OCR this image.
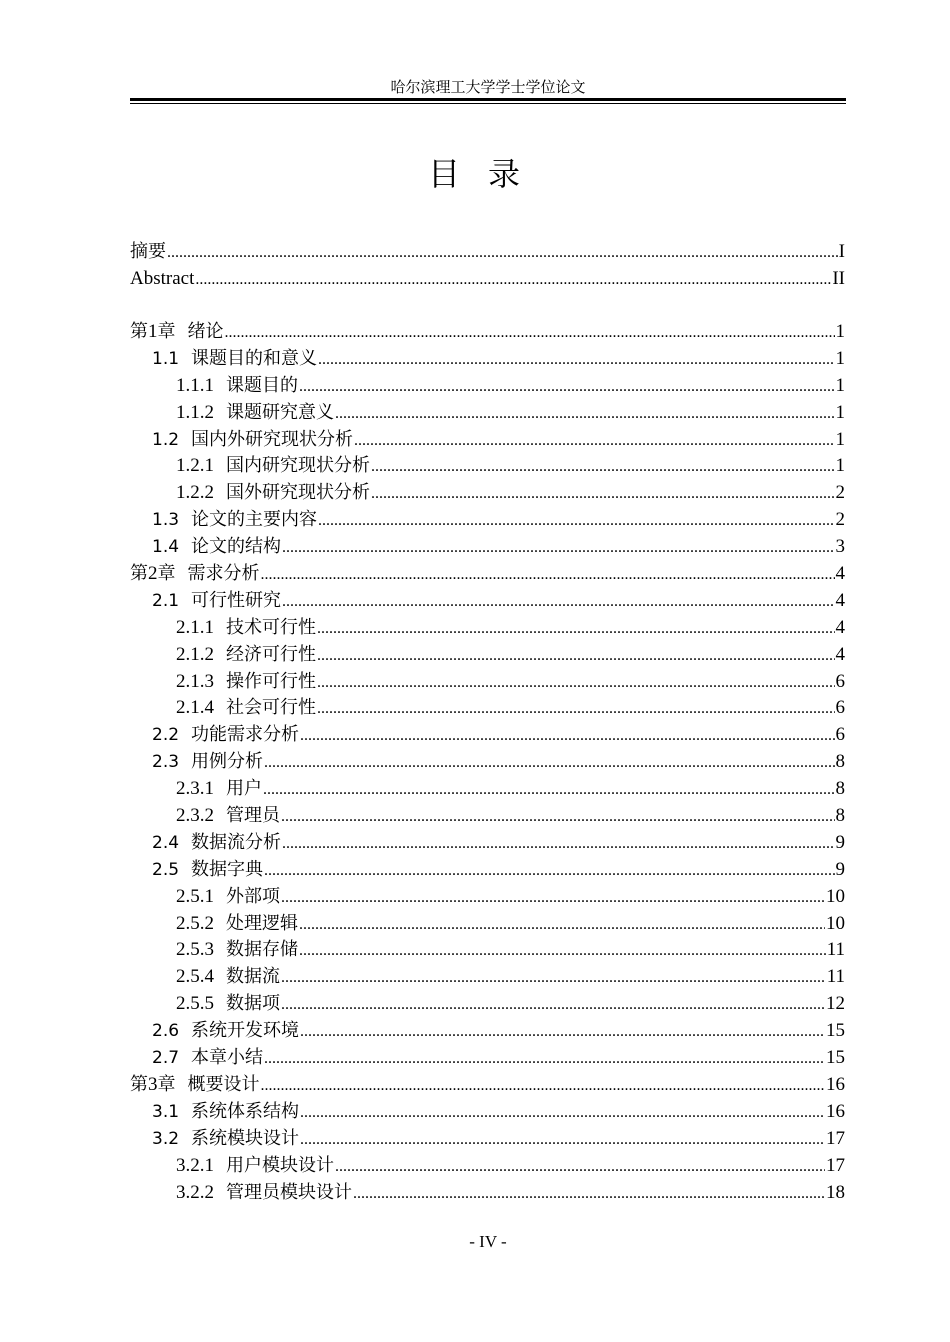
哈尔滨理工大学学士学位论文
目录
摘要 .....	I
Abstract .....	II
第1章 绪论 .....	1
1.1 课题目的和意义 .....	1
1.1.1 课题目的 .....	1
1.1.2 课题研究意义 .....	1
1.2 国内外研究现状分析 .....	1
1.2.1 国内研究现状分析 .....	1
1.2.2 国外研究现状分析 .....	2
1.3 论文的主要内容 .....	2
1.4 论文的结构 .....	3
第2章 需求分析 .....	4
2.1 可行性研究 .....	4
2.1.1 技术可行性 .....	4
2.1.2 经济可行性 .....	4
2.1.3 操作可行性 .....	6
2.1.4 社会可行性 .....	6
2.2 功能需求分析 .....	6
2.3 用例分析 .....	8
2.3.1 用户 .....	8
2.3.2 管理员 .....	8
2.4 数据流分析 .....	9
2.5 数据字典 .....	9
2.5.1 外部项 .....	10
2.5.2 处理逻辑 .....	10
2.5.3 数据存储 .....	11
2.5.4 数据流 .....	11
2.5.5 数据项 .....	12
2.6 系统开发环境 .....	15
2.7 本章小结 .....	15
第3章 概要设计 .....	16
3.1 系统体系结构 .....	16
3.2 系统模块设计 .....	17
3.2.1 用户模块设计 .....	17
3.2.2 管理员模块设计 .....	18
- IV -
